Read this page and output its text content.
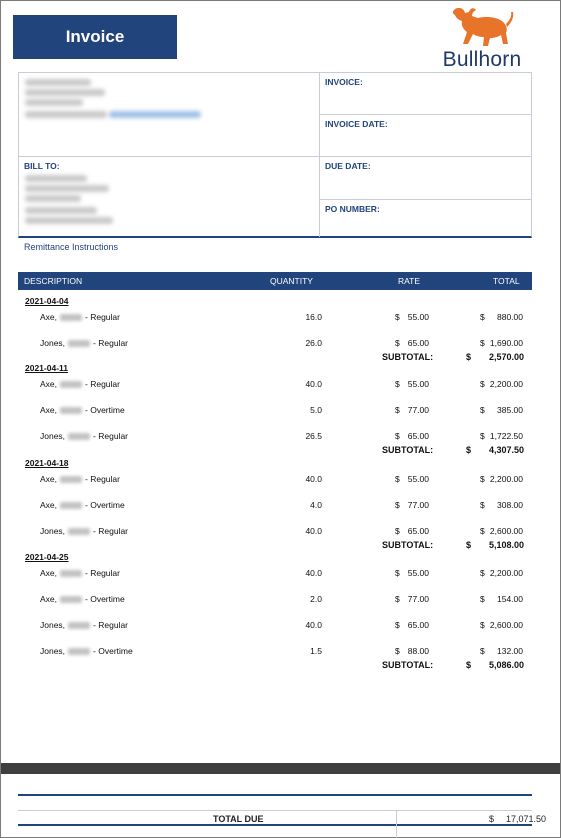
Invoice
Bullhorn
BILL TO:
INVOICE:
INVOICE DATE:
DUE DATE:
PO NUMBER:
Remittance Instructions
DESCRIPTION	QUANTITY	RATE	TOTAL
2021-04-04
Axe,	- Regular	16.0	$ 55.00	$	880.00
Jones,	- Regular	26.0	$ 65.00	$ 1,690.00
SUBTOTAL:	$	2,570.00
2021-04-11
Axe,	- Regular	40.0	$ 55.00	$ 2,200.00
Axe,	- Overtime	5.0	$ 77.00	$	385.00
Jones,	- Regular	26.5	$ 65.00	$ 1,722.50
SUBTOTAL:	$	4,307.50
2021-04-18
Axe,	- Regular	40.0	$ 55.00	$ 2,200.00
Axe,	- Overtime	4.0	$ 77.00	$	308.00
Jones,	- Regular	40.0	$ 65.00	$ 2,600.00
SUBTOTAL:	$	5,108.00
2021-04-25
Axe,	- Regular	40.0	$ 55.00	$ 2,200.00
Axe,	- Overtime	2.0	$ 77.00	$	154.00
Jones,	- Regular	40.0	$ 65.00	$ 2,600.00
Jones,	- Overtime	1.5	$ 88.00	$	132.00
SUBTOTAL:	$	5,086.00
TOTAL DUE	$	17,071.50
